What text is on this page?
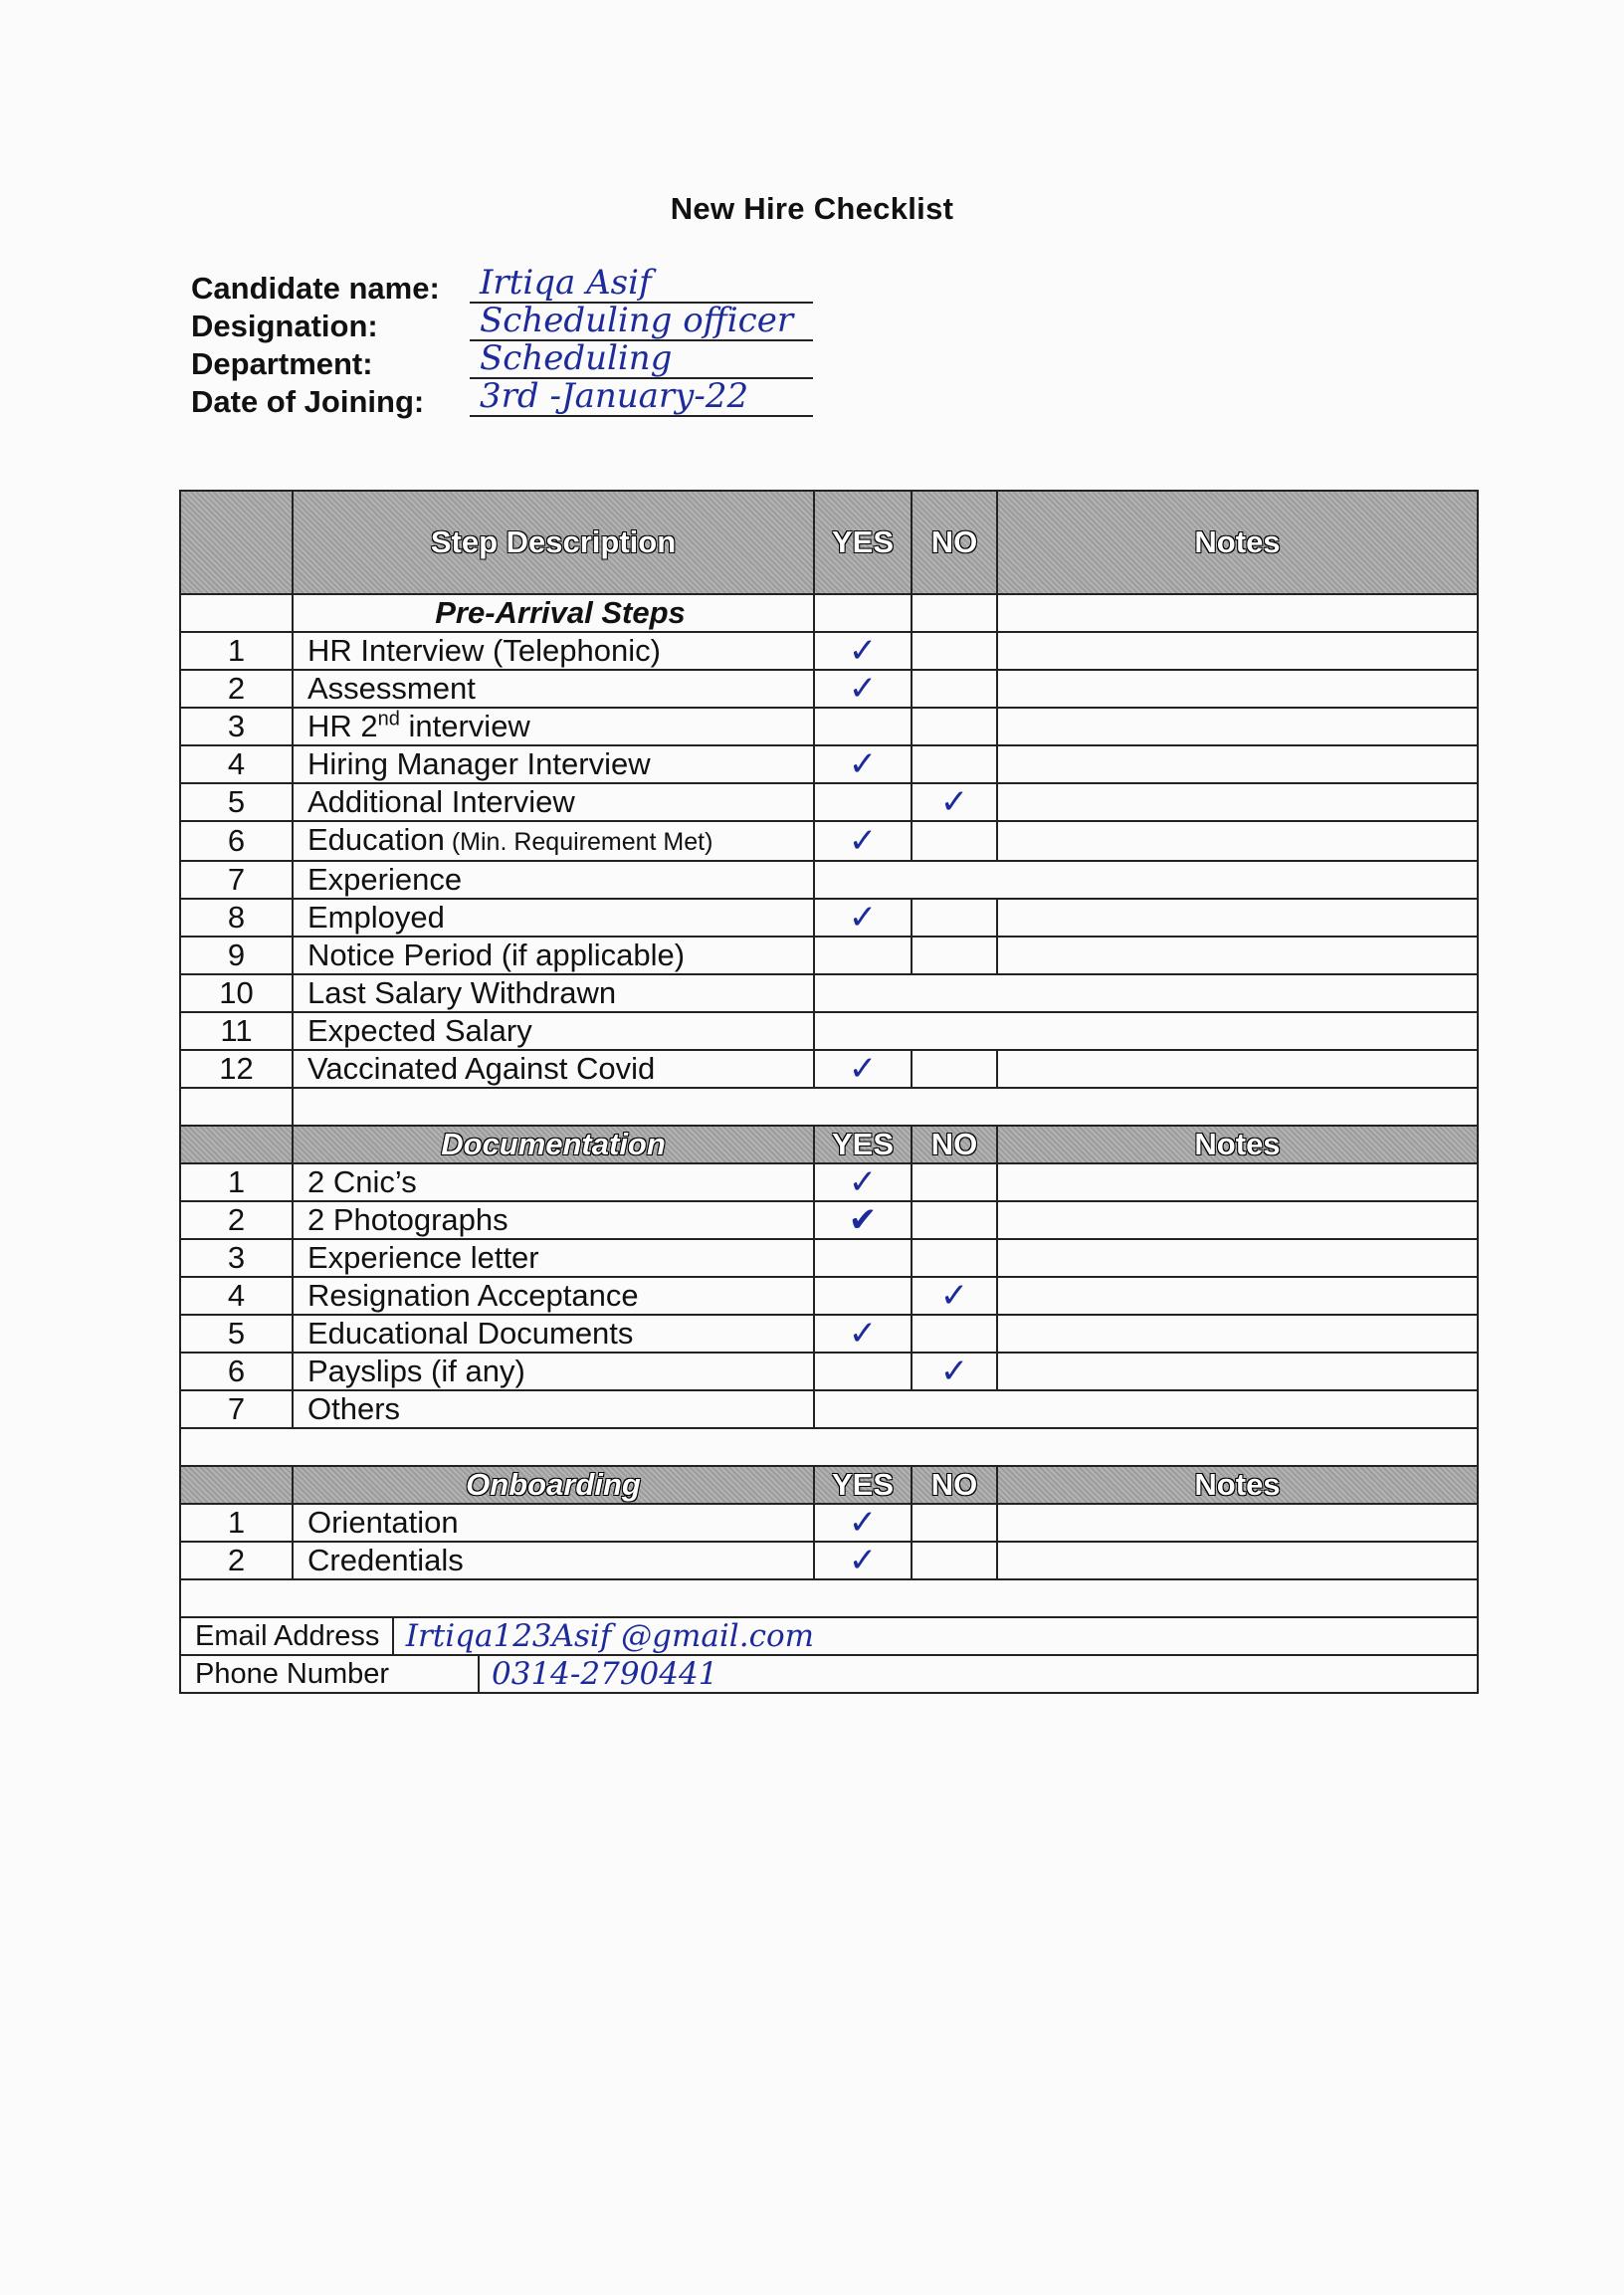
New Hire Checklist
Candidate name: Irtiqa Asif
Designation:	Scheduling officer
Department:	Scheduling
Date of Joining: 3rd -January-22
	Step Description	YES	NO	Notes
	Pre-Arrival Steps			
1	HR Interview (Telephonic)	✓		
2	Assessment	✓		
3	HR 2nd interview			
4	Hiring Manager Interview	✓		
5	Additional Interview		✓	
6	Education (Min. Requirement Met)	✓		
7	Experience			
8	Employed	✓		
9	Notice Period (if applicable)			
10	Last Salary Withdrawn			
11	Expected Salary			
12	Vaccinated Against Covid	✓		

	Documentation	YES	NO	Notes
1	2 Cnic’s	✓		
2	2 Photographs	✔		
3	Experience letter			
4	Resignation Acceptance		✓	
5	Educational Documents	✓		
6	Payslips (if any)		✓	
7	Others			

	Onboarding	YES	NO	Notes
1	Orientation	✓		
2	Credentials	✓		

Email Address Irtiqa123Asif @gmail.com				

Phone Number 0314-2790441				
